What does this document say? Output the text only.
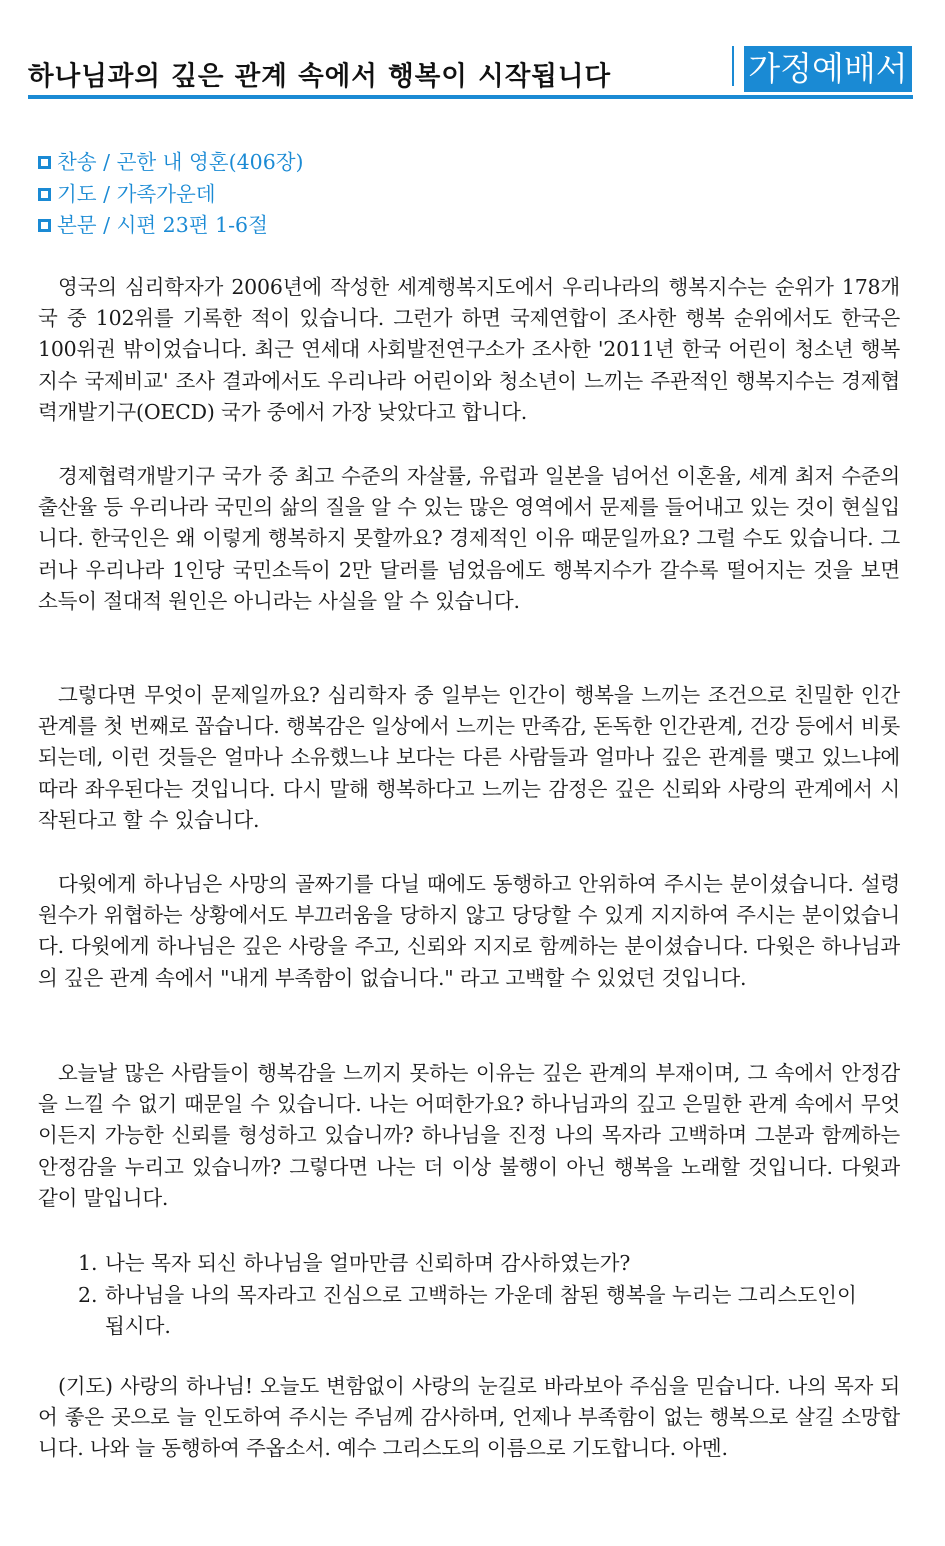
하나님과의 깊은 관계 속에서 행복이 시작됩니다	가정예배서
찬송 / 곤한 내 영혼(406장)
기도 / 가족가운데
본문 / 시편 23편 1-6절

영국의 심리학자가 2006년에 작성한 세계행복지도에서 우리나라의 행복지수는 순위가 178개국 중 102위를 기록한 적이 있습니다. 그런가 하면 국제연합이 조사한 행복 순위에서도 한국은 100위권 밖이었습니다. 최근 연세대 사회발전연구소가 조사한 '2011년 한국 어린이 청소년 행복지수 국제비교' 조사 결과에서도 우리나라 어린이와 청소년이 느끼는 주관적인 행복지수는 경제협력개발기구(OECD) 국가 중에서 가장 낮았다고 합니다.

경제협력개발기구 국가 중 최고 수준의 자살률, 유럽과 일본을 넘어선 이혼율, 세계 최저 수준의 출산율 등 우리나라 국민의 삶의 질을 알 수 있는 많은 영역에서 문제를 들어내고 있는 것이 현실입니다. 한국인은 왜 이렇게 행복하지 못할까요? 경제적인 이유 때문일까요? 그럴 수도 있습니다. 그러나 우리나라 1인당 국민소득이 2만 달러를 넘었음에도 행복지수가 갈수록 떨어지는 것을 보면 소득이 절대적 원인은 아니라는 사실을 알 수 있습니다.

그렇다면 무엇이 문제일까요? 심리학자 중 일부는 인간이 행복을 느끼는 조건으로 친밀한 인간관계를 첫 번째로 꼽습니다. 행복감은 일상에서 느끼는 만족감, 돈독한 인간관계, 건강 등에서 비롯되는데, 이런 것들은 얼마나 소유했느냐 보다는 다른 사람들과 얼마나 깊은 관계를 맺고 있느냐에 따라 좌우된다는 것입니다. 다시 말해 행복하다고 느끼는 감정은 깊은 신뢰와 사랑의 관계에서 시작된다고 할 수 있습니다.

다윗에게 하나님은 사망의 골짜기를 다닐 때에도 동행하고 안위하여 주시는 분이셨습니다. 설령 원수가 위협하는 상황에서도 부끄러움을 당하지 않고 당당할 수 있게 지지하여 주시는 분이었습니다. 다윗에게 하나님은 깊은 사랑을 주고, 신뢰와 지지로 함께하는 분이셨습니다. 다윗은 하나님과의 깊은 관계 속에서 "내게 부족함이 없습니다." 라고 고백할 수 있었던 것입니다.

오늘날 많은 사람들이 행복감을 느끼지 못하는 이유는 깊은 관계의 부재이며, 그 속에서 안정감을 느낄 수 없기 때문일 수 있습니다. 나는 어떠한가요? 하나님과의 깊고 은밀한 관계 속에서 무엇이든지 가능한 신뢰를 형성하고 있습니까? 하나님을 진정 나의 목자라 고백하며 그분과 함께하는 안정감을 누리고 있습니까? 그렇다면 나는 더 이상 불행이 아닌 행복을 노래할 것입니다. 다윗과 같이 말입니다.

1. 나는 목자 되신 하나님을 얼마만큼 신뢰하며 감사하였는가?

2. 하나님을 나의 목자라고 진심으로 고백하는 가운데 참된 행복을 누리는 그리스도인이 됩시다.

(기도) 사랑의 하나님! 오늘도 변함없이 사랑의 눈길로 바라보아 주심을 믿습니다. 나의 목자 되어 좋은 곳으로 늘 인도하여 주시는 주님께 감사하며, 언제나 부족함이 없는 행복으로 살길 소망합니다. 나와 늘 동행하여 주옵소서. 예수 그리스도의 이름으로 기도합니다. 아멘.
